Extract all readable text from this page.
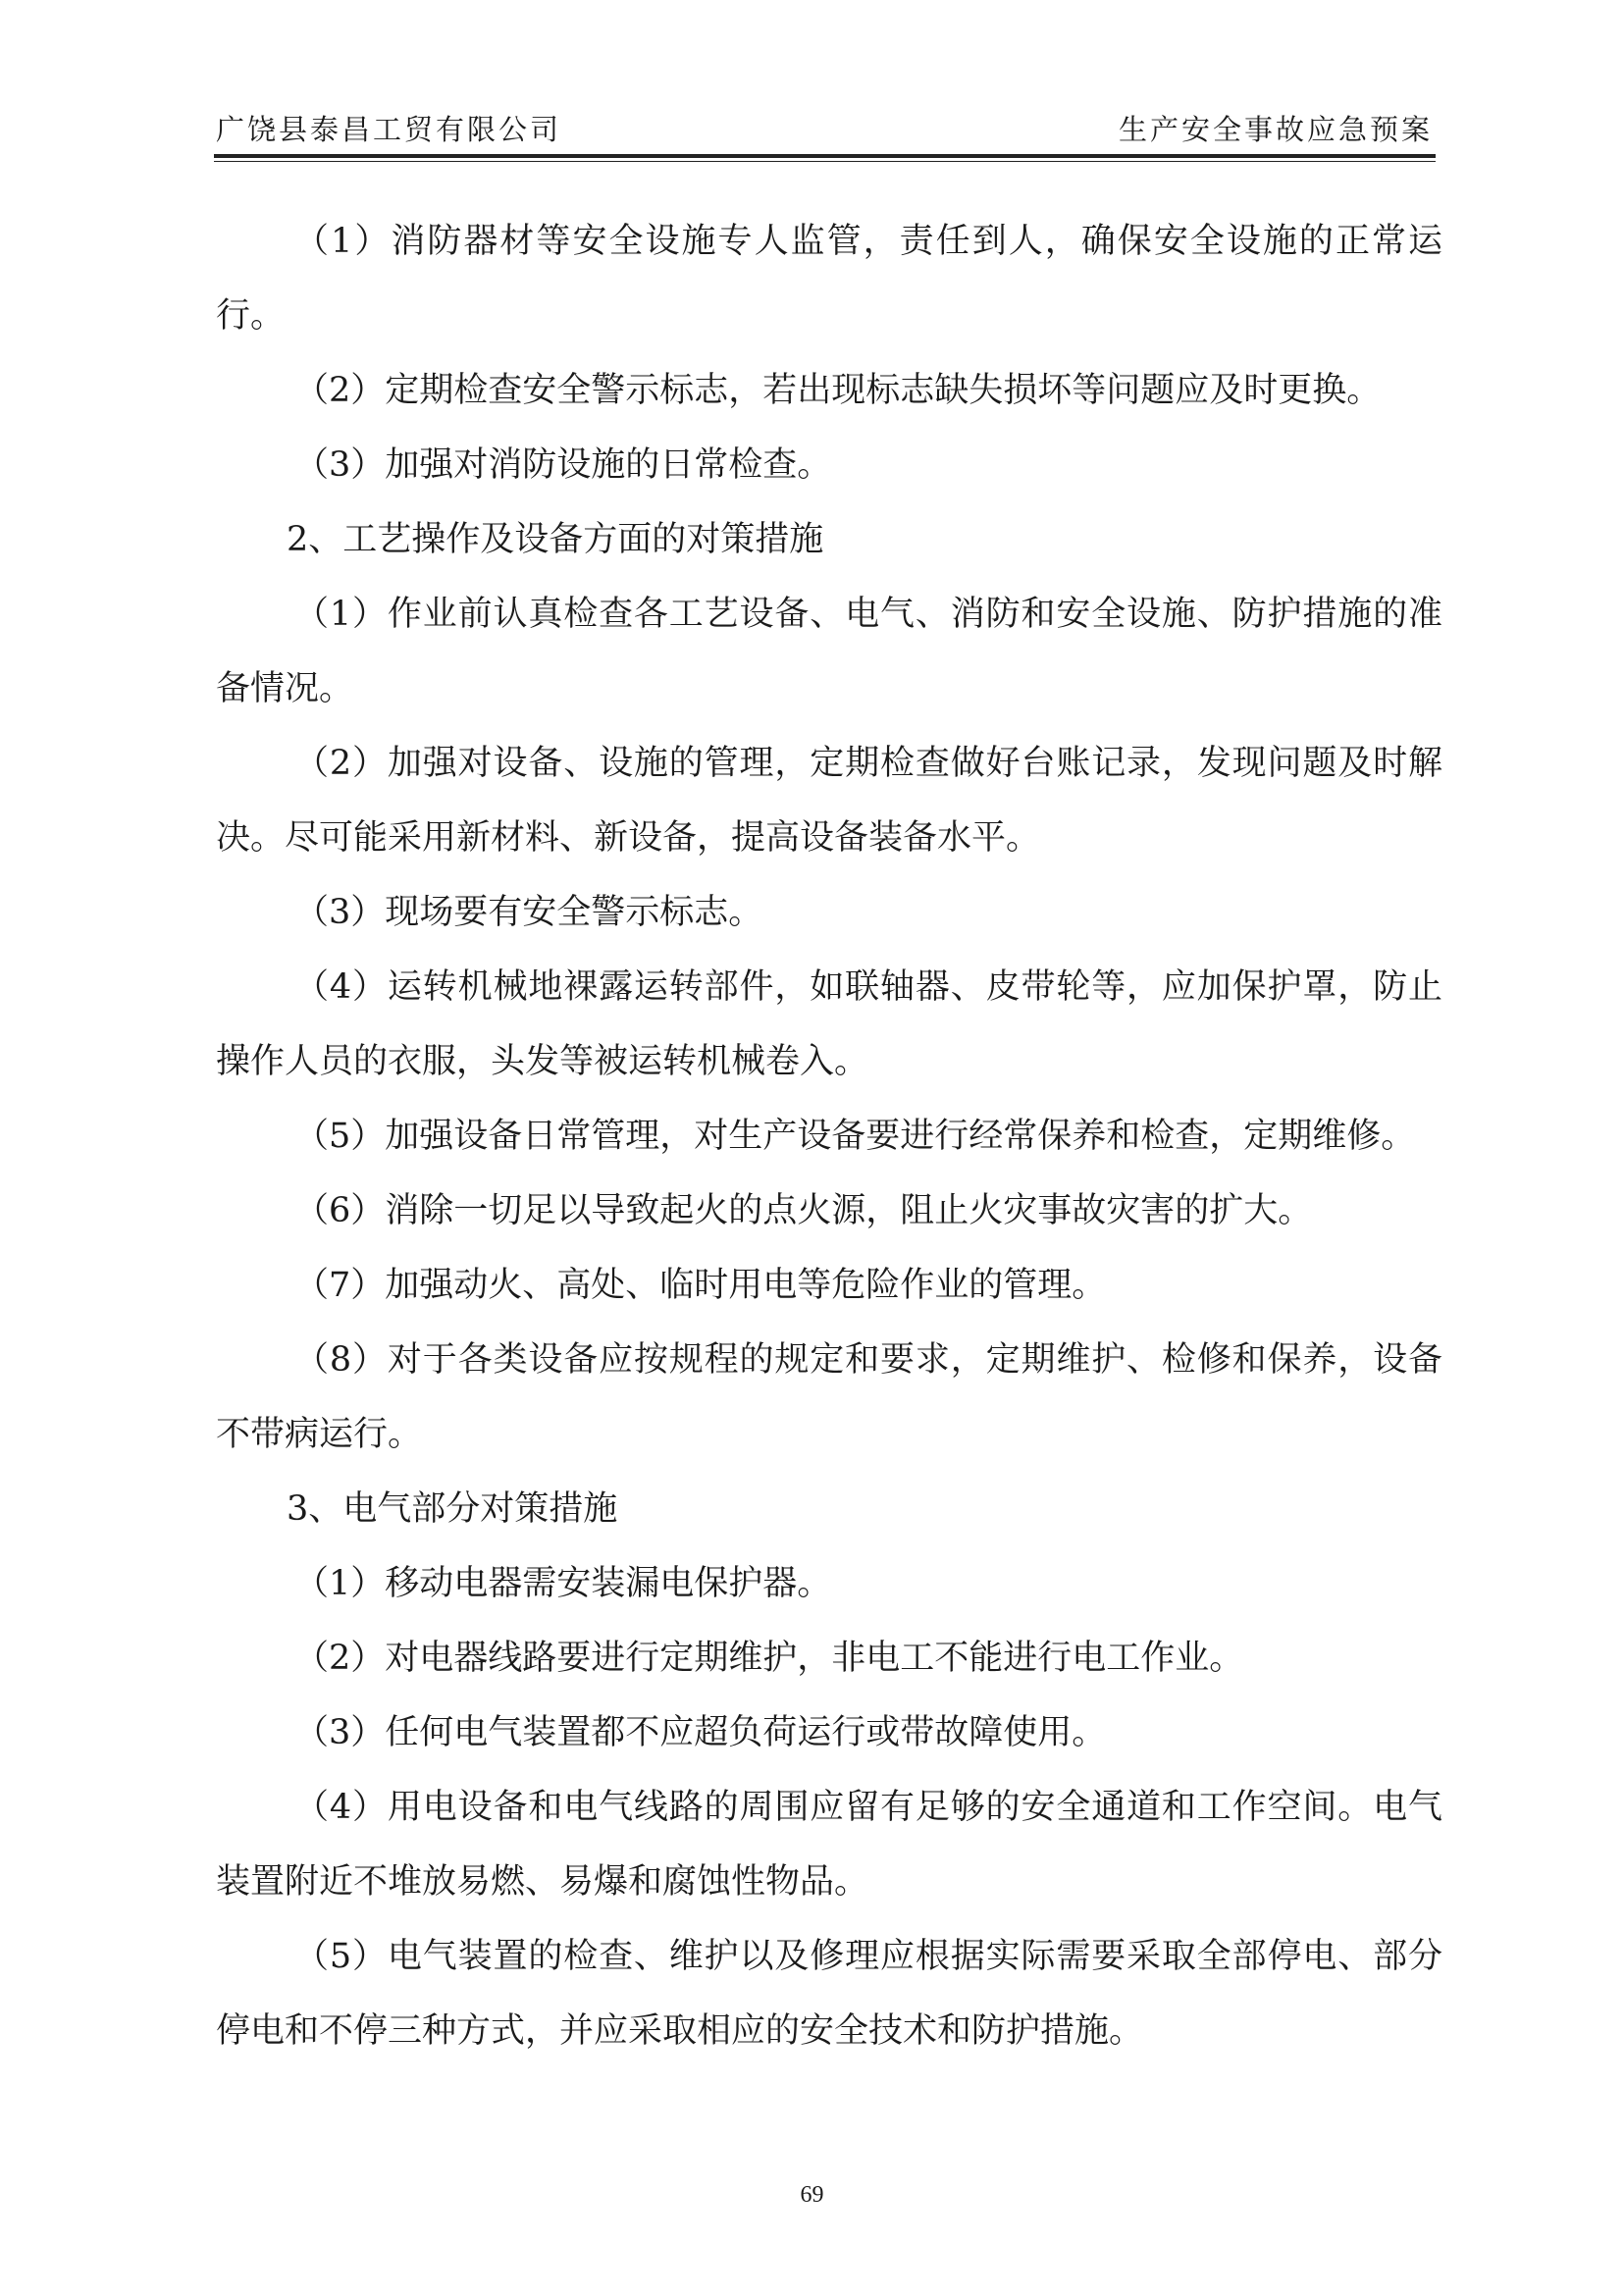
广饶县泰昌工贸有限公司	生产安全事故应急预案

（1）消防器材等安全设施专人监管，责任到人，确保安全设施的正常运行。

（2）定期检查安全警示标志，若出现标志缺失损坏等问题应及时更换。

（3）加强对消防设施的日常检查。

2、工艺操作及设备方面的对策措施

（1）作业前认真检查各工艺设备、电气、消防和安全设施、防护措施的准备情况。

（2）加强对设备、设施的管理，定期检查做好台账记录，发现问题及时解决。尽可能采用新材料、新设备，提高设备装备水平。

（3）现场要有安全警示标志。

（4）运转机械地裸露运转部件，如联轴器、皮带轮等，应加保护罩，防止操作人员的衣服，头发等被运转机械卷入。

（5）加强设备日常管理，对生产设备要进行经常保养和检查，定期维修。

（6）消除一切足以导致起火的点火源，阻止火灾事故灾害的扩大。

（7）加强动火、高处、临时用电等危险作业的管理。

（8）对于各类设备应按规程的规定和要求，定期维护、检修和保养，设备不带病运行。

3、电气部分对策措施

（1）移动电器需安装漏电保护器。

（2）对电器线路要进行定期维护，非电工不能进行电工作业。

（3）任何电气装置都不应超负荷运行或带故障使用。

（4）用电设备和电气线路的周围应留有足够的安全通道和工作空间。电气装置附近不堆放易燃、易爆和腐蚀性物品。

（5）电气装置的检查、维护以及修理应根据实际需要采取全部停电、部分停电和不停三种方式，并应采取相应的安全技术和防护措施。

69
